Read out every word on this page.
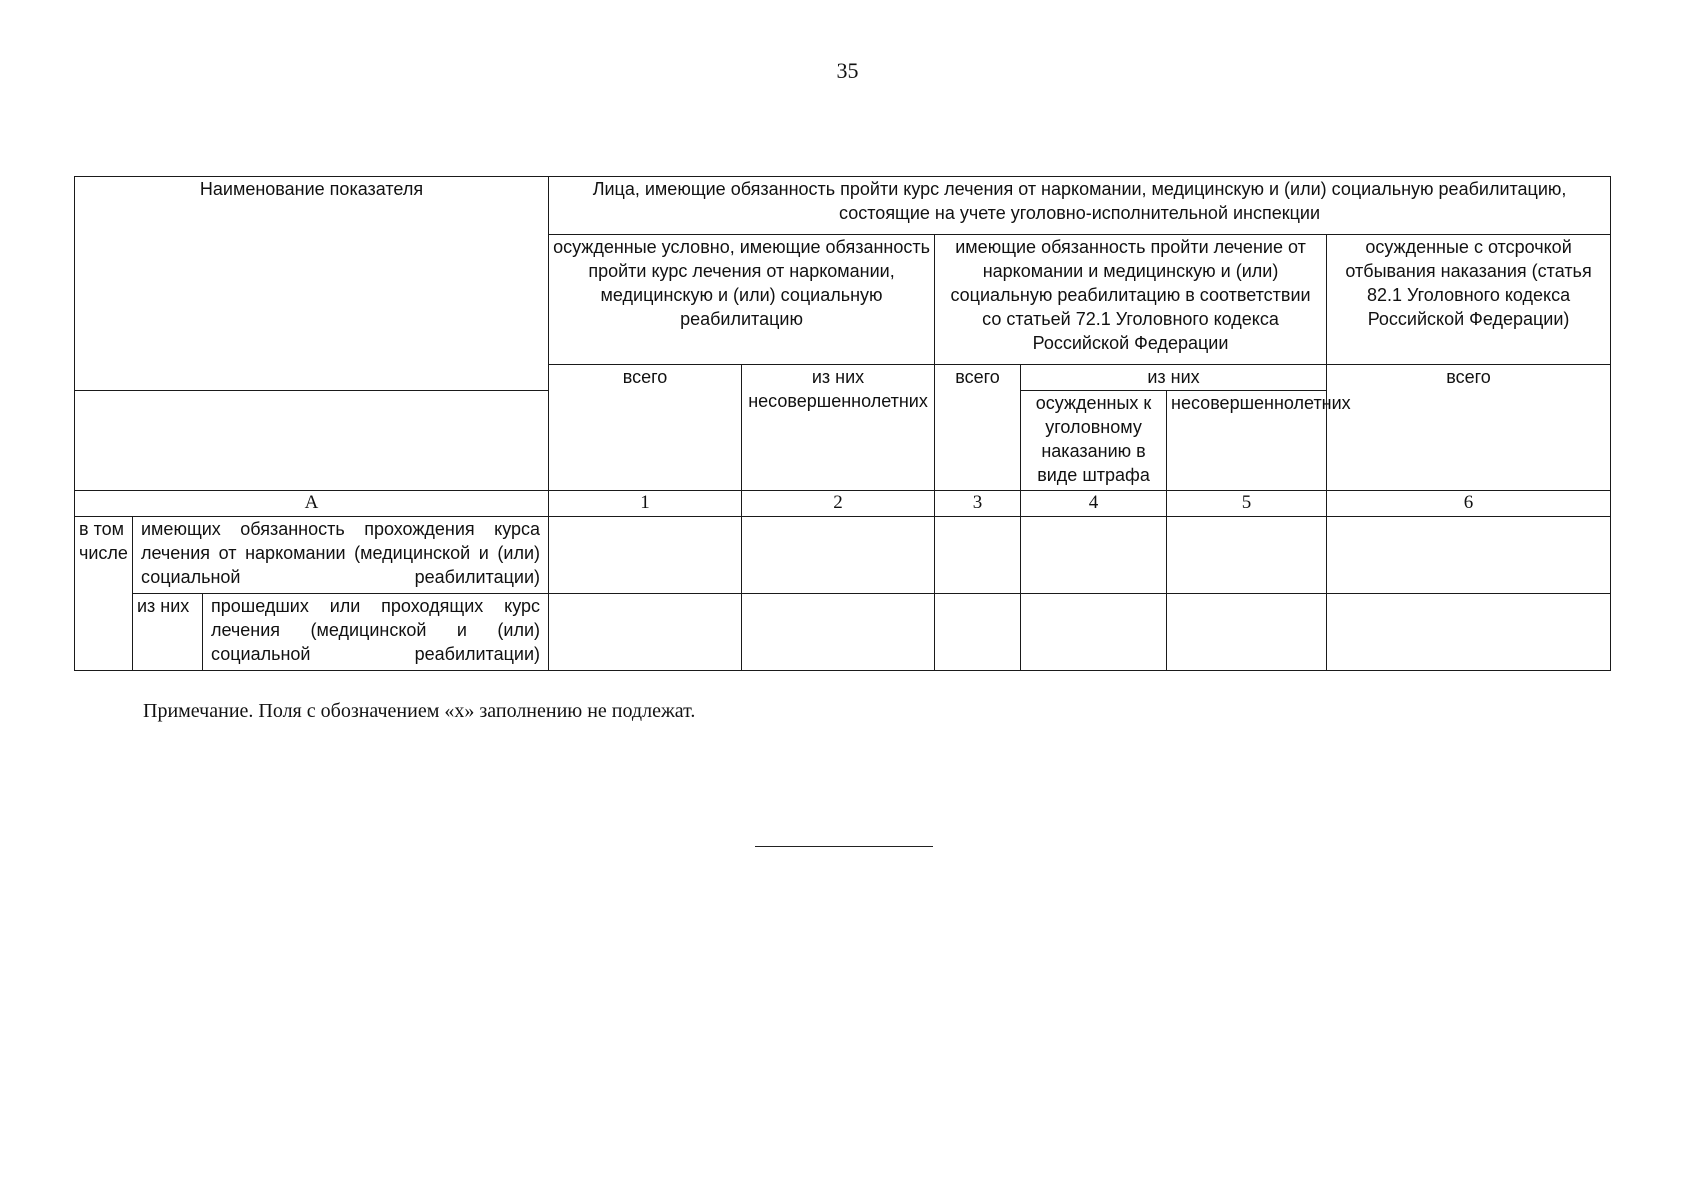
35
Наименование показателя			Лица, имеющие обязанность пройти курс лечения от наркомании, медицинскую и (или) социальную реабилитацию, состоящие на учете уголовно-исполнительной инспекции					
			осужденные условно, имеющие обязанность пройти курс лечения от наркомании, медицинскую и (или) социальную реабилитацию		имеющие обязанность пройти лечение от наркомании и медицинскую и (или) социальную реабилитацию в соответствии со статьей 72.1 Уголовного кодекса Российской Федерации			осужденные с отсрочкой отбывания наказания (статья 82.1 Уголовного кодекса Российской Федерации)
			всего	из них несовершеннолетних	всего	из них		всего
						осужденных к уголовному наказанию в виде штрафа	несовершеннолетних	
А			1	2	3	4	5	6
в том числе	имеющих обязанность прохождения курса лечения от наркомании (медицинской и (или) социальной реабилитации)							
	из них	прошедших или проходящих курс лечения (медицинской и (или) социальной реабилитации)						
Примечание. Поля с обозначением «х» заполнению не подлежат.
